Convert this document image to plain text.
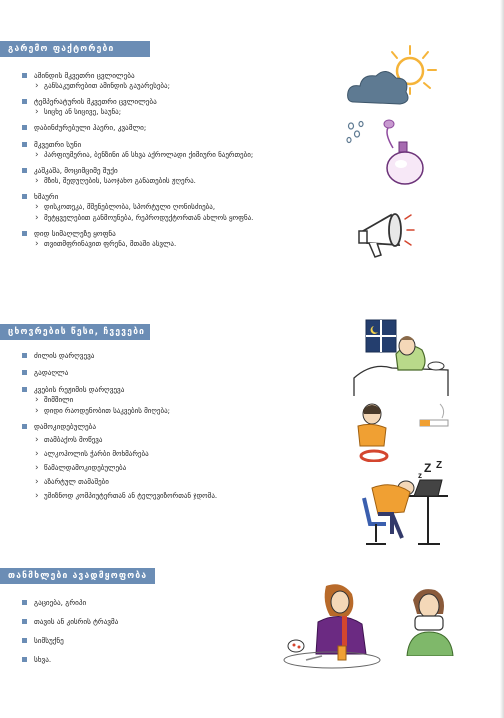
გარემო ფაქტორები
ამინდის მკვეთრი ცვლილება
› განსაკუთრებით ამინდის გაუარესება;
ტემპერატურის მკვეთრი ცვლილება
› სიცხე ან სიცივე, საუნა;
დაბინძურებული ჰაერი, კვამლი;
მკვეთრი სუნი
› პარფიუმერია, ბენზინი ან სხვა აქროლადი ქიმიური ნაერთები;
კაშკაშა, მოციმციმე შუქი
› მზის, შედუღების, საოჯახო განათების ჟღერა.
ხმაური
› დისკოთეკა, მშენებლობა, სპორტული ღონისძიება,
› მეტყველებით განმოუნება, რეპროდუქტორთან ახლოს ყოფნა.
დიდ სიმაღლეზე ყოფნა
› თვითმფრინავით ფრენა, მთაში ასვლა.
ცხოვრების წესი, ჩვევები
ძილის დარღვევა
გადაღლა
კვების რეჟიმის დარღვევა
› შიმშილი
› დიდი რაოდენობით საკვების მიღება;
დამოკიდებულება
› თამბაქოს მოწევა
› ალკოჰოლის ჭარბი მოხმარება
› წამალდამოკიდებულება
› აზარტულ თამაშები
› უმიზნოდ კომპიუტერთან ან ტელევიზორთან ჯდომა.
თანმხლები ავადმყოფობა
გაციება, გრიპი
თავის ან კისრის ტრავმა
სიმსუქნე
სხვა.
Z Z
z
